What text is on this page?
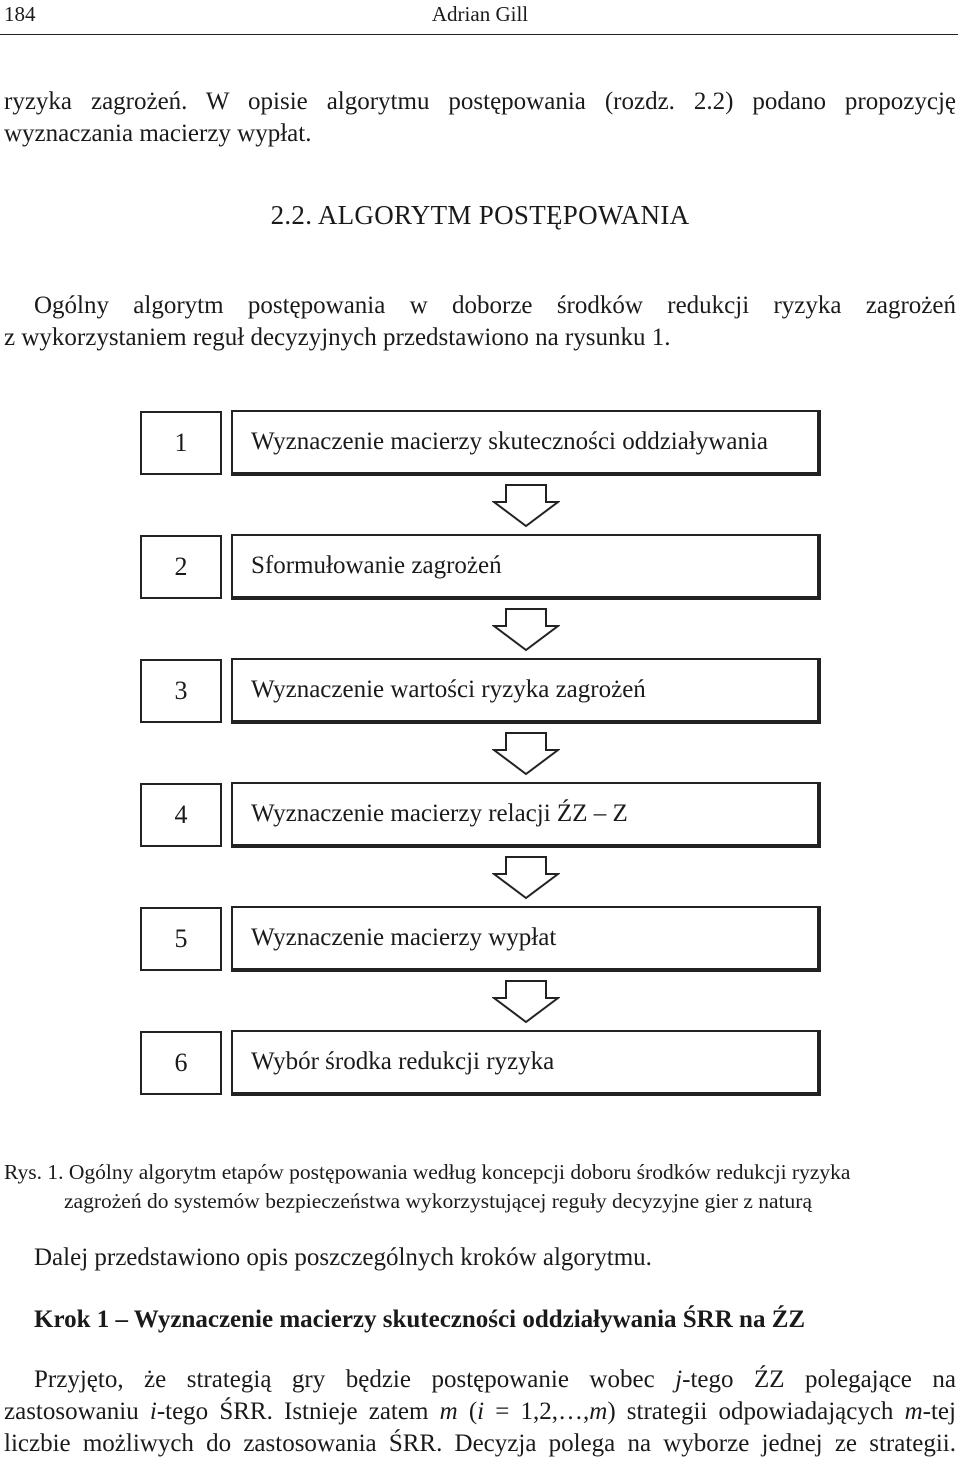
184	Adrian Gill

ryzyka zagrożeń. W opisie algorytmu postępowania (rozdz. 2.2) podano propozycję
wyznaczania macierzy wypłat.

2.2. ALGORYTM POSTĘPOWANIA

Ogólny algorytm postępowania w doborze środków redukcji ryzyka zagrożeń
z wykorzystaniem reguł decyzyjnych przedstawiono na rysunku 1.

1	Wyznaczenie macierzy skuteczności oddziaływania
2	Sformułowanie zagrożeń
3	Wyznaczenie wartości ryzyka zagrożeń
4	Wyznaczenie macierzy relacji ŹZ – Z
5	Wyznaczenie macierzy wypłat
6	Wybór środka redukcji ryzyka
Rys. 1. Ogólny algorytm etapów postępowania według koncepcji doboru środków redukcji ryzyka
zagrożeń do systemów bezpieczeństwa wykorzystującej reguły decyzyjne gier z naturą
Dalej przedstawiono opis poszczególnych kroków algorytmu.
Krok 1 – Wyznaczenie macierzy skuteczności oddziaływania ŚRR na ŹZ

Przyjęto, że strategią gry będzie postępowanie wobec j-tego ŹZ polegające na
zastosowaniu i-tego ŚRR. Istnieje zatem m (i = 1,2,…,m) strategii odpowiadających m-tej
liczbie możliwych do zastosowania ŚRR. Decyzja polega na wyborze jednej ze strategii.
